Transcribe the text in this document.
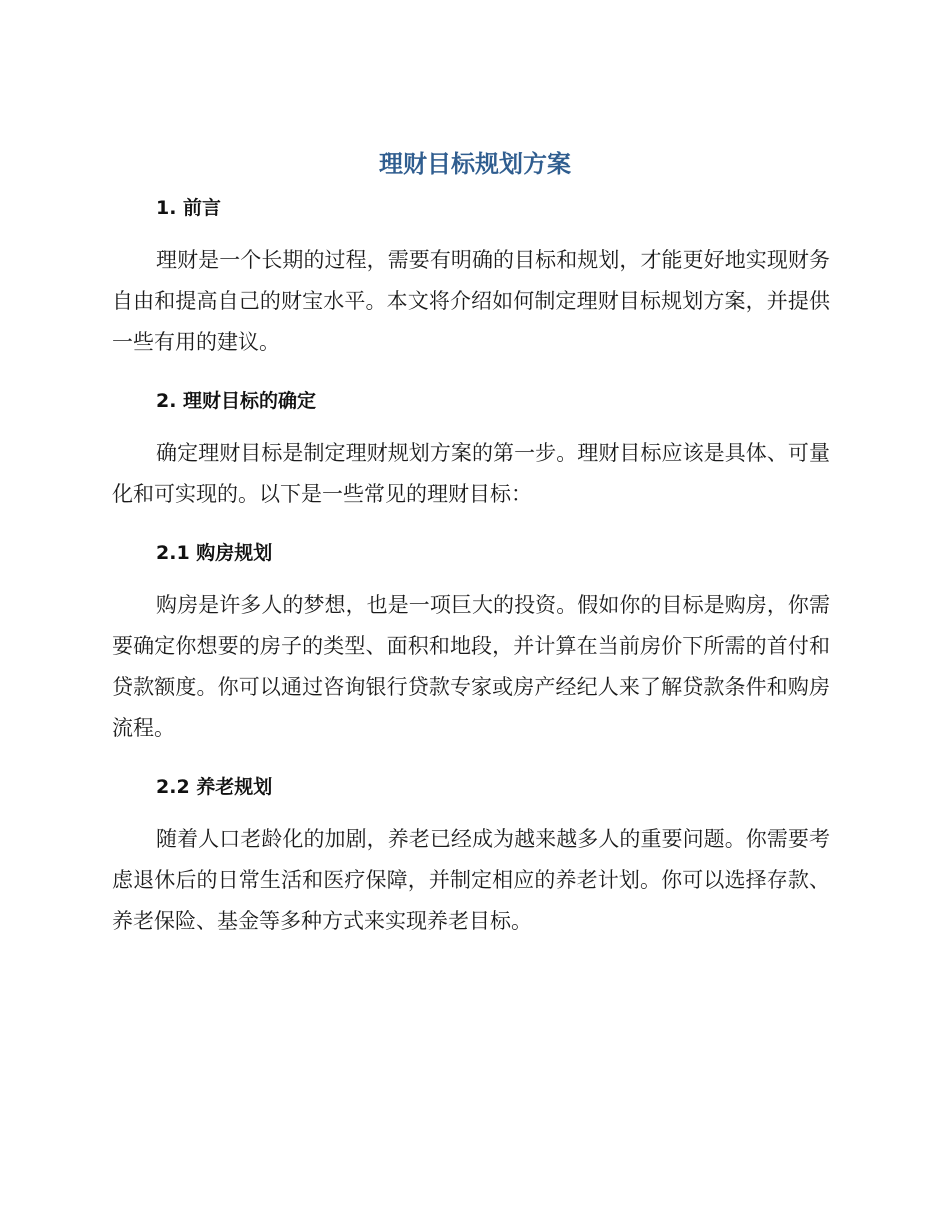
理财目标规划方案
1. 前言

理财是一个长期的过程，需要有明确的目标和规划，才能更好地实现财务自由和提高自己的财宝水平。本文将介绍如何制定理财目标规划方案，并提供一些有用的建议。

2. 理财目标的确定

确定理财目标是制定理财规划方案的第一步。理财目标应该是具体、可量化和可实现的。以下是一些常见的理财目标：

2.1 购房规划

购房是许多人的梦想，也是一项巨大的投资。假如你的目标是购房，你需要确定你想要的房子的类型、面积和地段，并计算在当前房价下所需的首付和贷款额度。你可以通过咨询银行贷款专家或房产经纪人来了解贷款条件和购房流程。

2.2 养老规划

随着人口老龄化的加剧，养老已经成为越来越多人的重要问题。你需要考虑退休后的日常生活和医疗保障，并制定相应的养老计划。你可以选择存款、养老保险、基金等多种方式来实现养老目标。
